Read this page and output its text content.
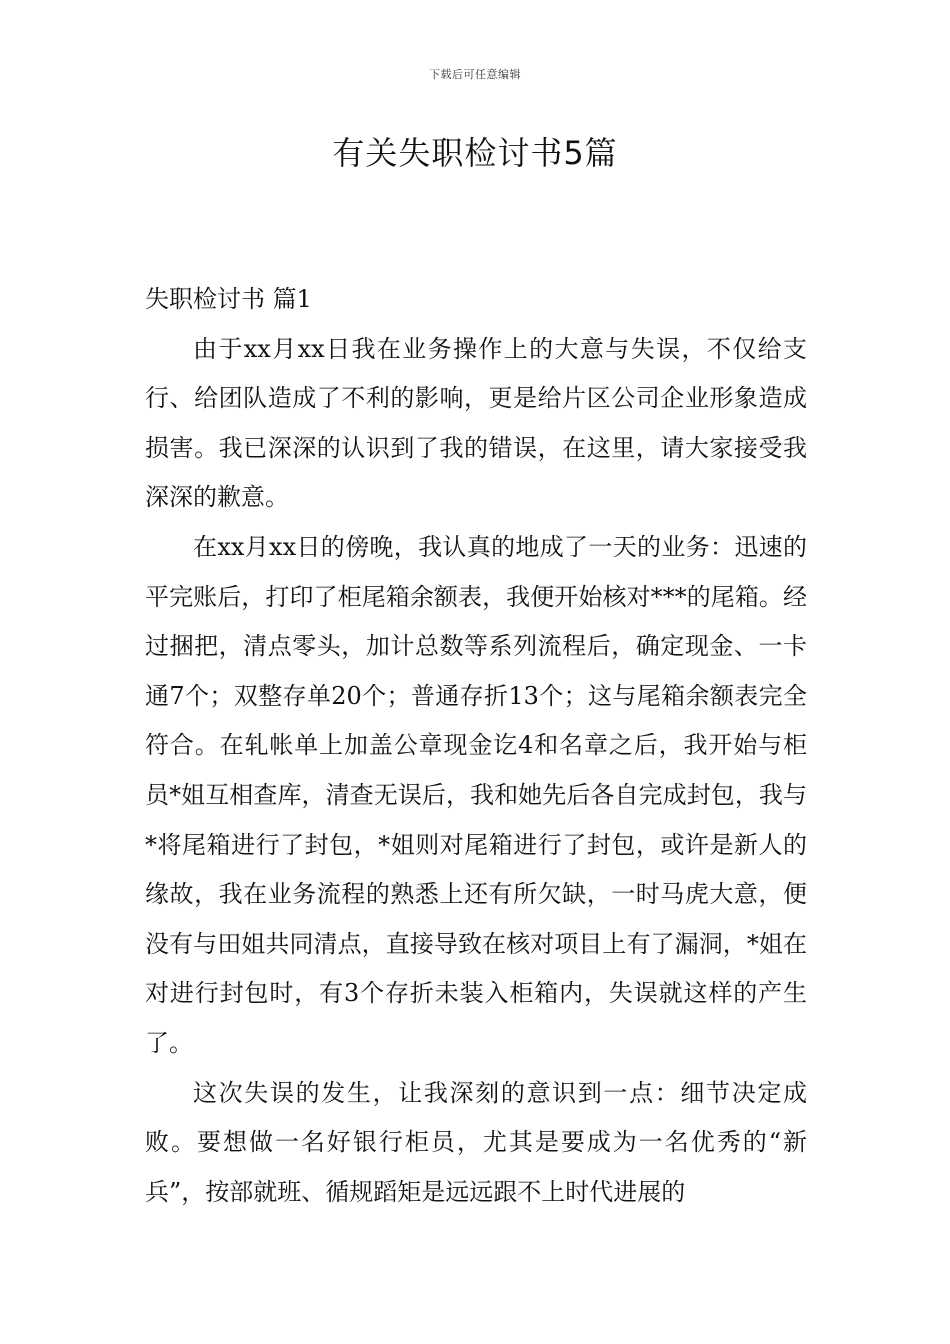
下载后可任意编辑
有关失职检讨书5篇

失职检讨书 篇1

由于xx月xx日我在业务操作上的大意与失误，不仅给支行、给团队造成了不利的影响，更是给片区公司企业形象造成损害。我已深深的认识到了我的错误，在这里，请大家接受我深深的歉意。

在xx月xx日的傍晚，我认真的地成了一天的业务：迅速的平完账后，打印了柜尾箱余额表，我便开始核对***的尾箱。经过捆把，清点零头，加计总数等系列流程后，确定现金、一卡通7个；双整存单20个；普通存折13个；这与尾箱余额表完全符合。在轧帐单上加盖公章现金讫4和名章之后，我开始与柜员*姐互相查库，清查无误后，我和她先后各自完成封包，我与*将尾箱进行了封包，*姐则对尾箱进行了封包，或许是新人的缘故，我在业务流程的熟悉上还有所欠缺，一时马虎大意，便没有与田姐共同清点，直接导致在核对项目上有了漏洞，*姐在对进行封包时，有3个存折未装入柜箱内，失误就这样的产生了。

这次失误的发生，让我深刻的意识到一点：细节决定成败。要想做一名好银行柜员，尤其是要成为一名优秀的“新兵”，按部就班、循规蹈矩是远远跟不上时代进展的
